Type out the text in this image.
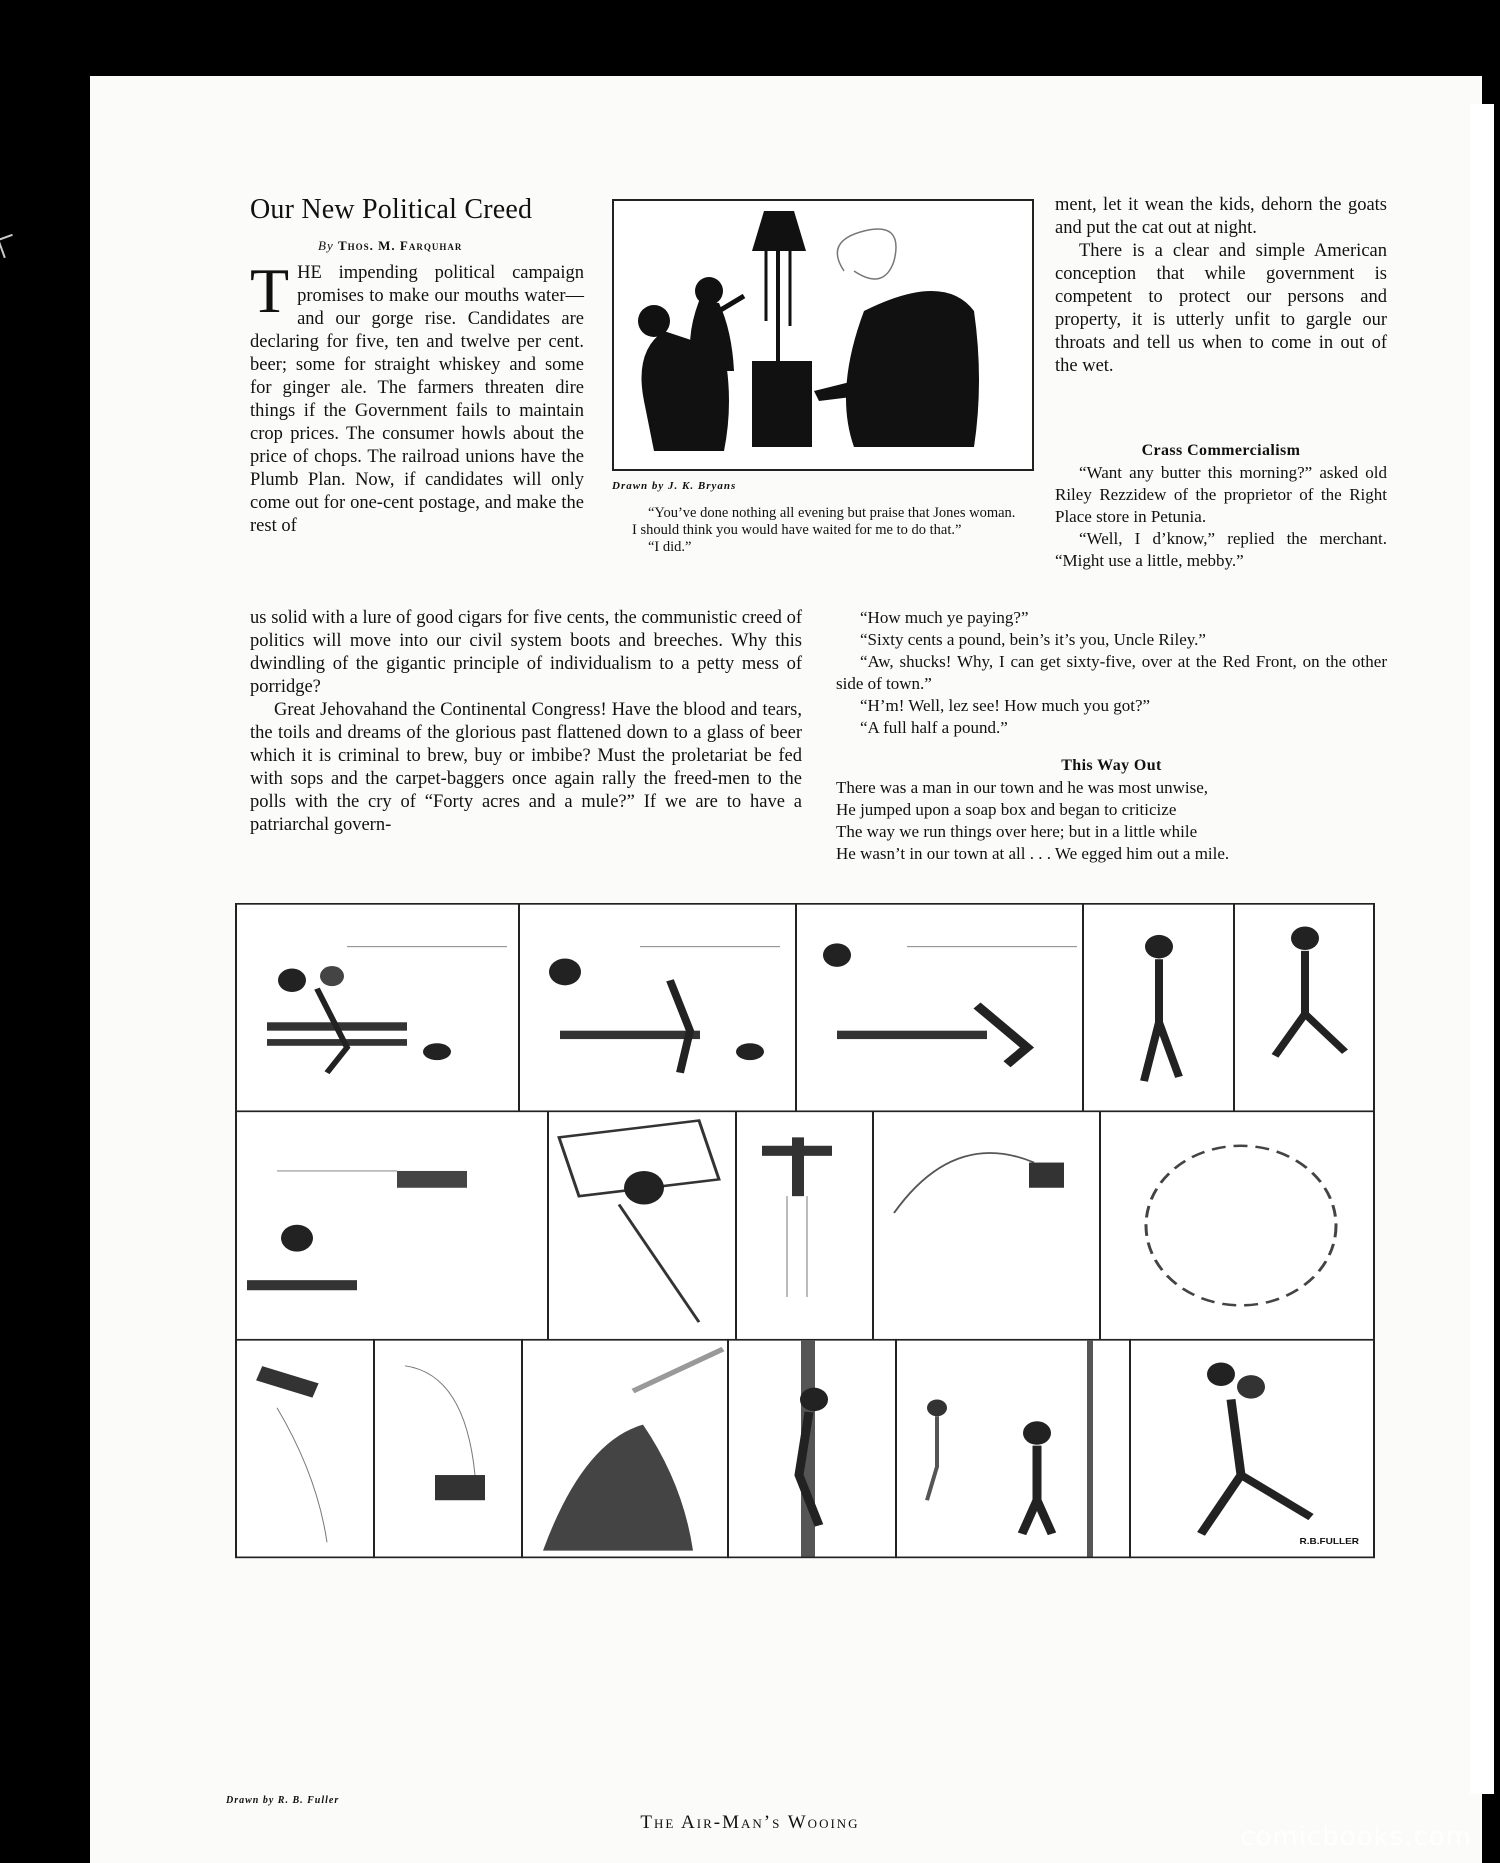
Our New Political Creed
By Thos. M. Farquhar

THE impending political campaign promises to make our mouths water—and our gorge rise. Candidates are declaring for five, ten and twelve per cent. beer; some for straight whiskey and some for ginger ale. The farmers threaten dire things if the Government fails to maintain crop prices. The consumer howls about the price of chops. The railroad unions have the Plumb Plan. Now, if candidates will only come out for one-cent postage, and make the rest of

us solid with a lure of good cigars for five cents, the communistic creed of politics will move into our civil system boots and breeches. Why this dwindling of the gigantic principle of individualism to a petty mess of porridge?

Great Jehovahand the Continental Congress! Have the blood and tears, the toils and dreams of the glorious past flattened down to a glass of beer which it is criminal to brew, buy or imbibe? Must the proletariat be fed with sops and the carpet-baggers once again rally the freed-men to the polls with the cry of “Forty acres and a mule?” If we are to have a patriarchal govern-

Drawn by J. K. Bryans

“You’ve done nothing all evening but praise that Jones woman. I should think you would have waited for me to do that.”

“I did.”

ment, let it wean the kids, dehorn the goats and put the cat out at night.

There is a clear and simple American conception that while government is competent to protect our persons and property, it is utterly unfit to gargle our throats and tell us when to come in out of the wet.

Crass Commercialism

“Want any butter this morning?” asked old Riley Rezzidew of the proprietor of the Right Place store in Petunia.

“Well, I d’know,” replied the merchant. “Might use a little, mebby.”

“How much ye paying?”

“Sixty cents a pound, bein’s it’s you, Uncle Riley.”

“Aw, shucks! Why, I can get sixty-five, over at the Red Front, on the other side of town.”

“H’m! Well, lez see! How much you got?”

“A full half a pound.”

This Way Out

There was a man in our town and he was most unwise,

He jumped upon a soap box and began to criticize

The way we run things over here; but in a little while

He wasn’t in our town at all . . . We egged him out a mile.

R.B.FULLER
Drawn by R. B. Fuller
The Air-Man’s Wooing	comicbooks.com
